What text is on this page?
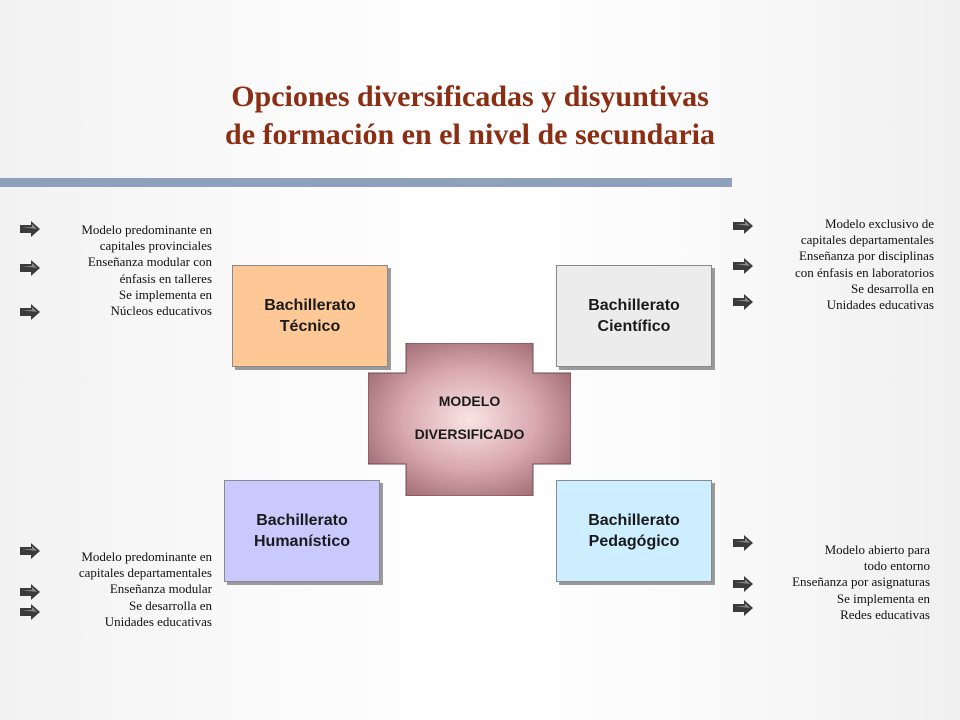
Opciones diversificadas y disyuntivas
de formación en el nivel de secundaria
MODELO
DIVERSIFICADO
Bachillerato
Técnico
Bachillerato
Científico
Bachillerato
Humanístico
Bachillerato
Pedagógico
Modelo predominante en
capitales provinciales
Enseñanza modular con
énfasis en talleres
Se implementa en
Núcleos educativos
Modelo exclusivo de
capitales departamentales
Enseñanza por disciplinas
con énfasis en laboratorios
Se desarrolla en
Unidades educativas
Modelo predominante en
capitales departamentales
Enseñanza modular
Se desarrolla en
Unidades educativas
Modelo abierto para
todo entorno
Enseñanza por asignaturas
Se implementa en
Redes educativas
